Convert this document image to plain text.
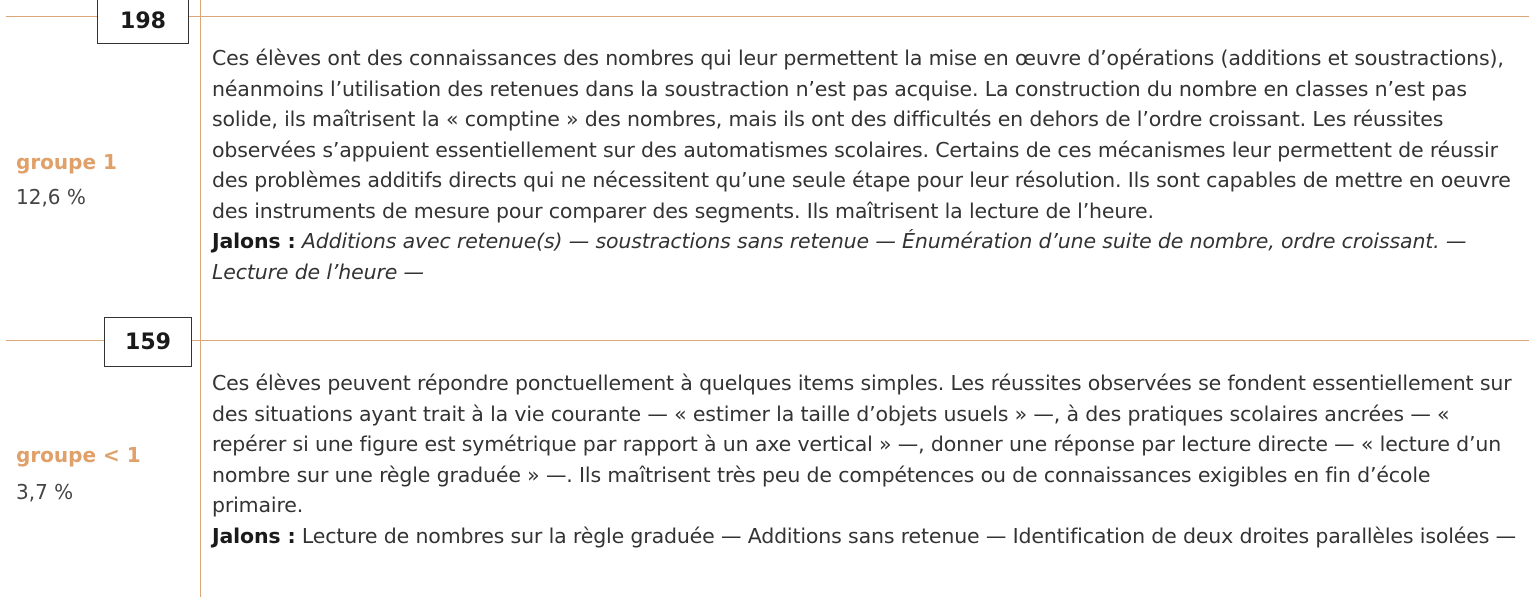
198
159
groupe 1
12,6 %

Ces élèves ont des connaissances des nombres qui leur permettent la mise en œuvre d’opérations (additions et soustractions), néanmoins l’utilisation des retenues dans la soustraction n’est pas acquise. La construction du nombre en classes n’est pas solide, ils maîtrisent la « comptine » des nombres, mais ils ont des difficultés en dehors de l’ordre croissant. Les réussites observées s’appuient essentiellement sur des automatismes scolaires. Certains de ces mécanismes leur permettent de réussir des problèmes additifs directs qui ne nécessitent qu’une seule étape pour leur résolution. Ils sont capables de mettre en oeuvre des instruments de mesure pour comparer des segments. Ils maîtrisent la lecture de l’heure.

Jalons : Additions avec retenue(s) — soustractions sans retenue — Énumération d’une suite de nombre, ordre croissant. — Lecture de l’heure —

groupe < 1
3,7 %

Ces élèves peuvent répondre ponctuellement à quelques items simples. Les réussites observées se fondent essentiellement sur des situations ayant trait à la vie courante — « estimer la taille d’objets usuels » —, à des pratiques scolaires ancrées — « repérer si une figure est symétrique par rapport à un axe vertical » —, donner une réponse par lecture directe — « lecture d’un nombre sur une règle graduée » —. Ils maîtrisent très peu de compétences ou de connaissances exigibles en fin d’école primaire.

Jalons : Lecture de nombres sur la règle graduée — Additions sans retenue — Identification de deux droites parallèles isolées —
